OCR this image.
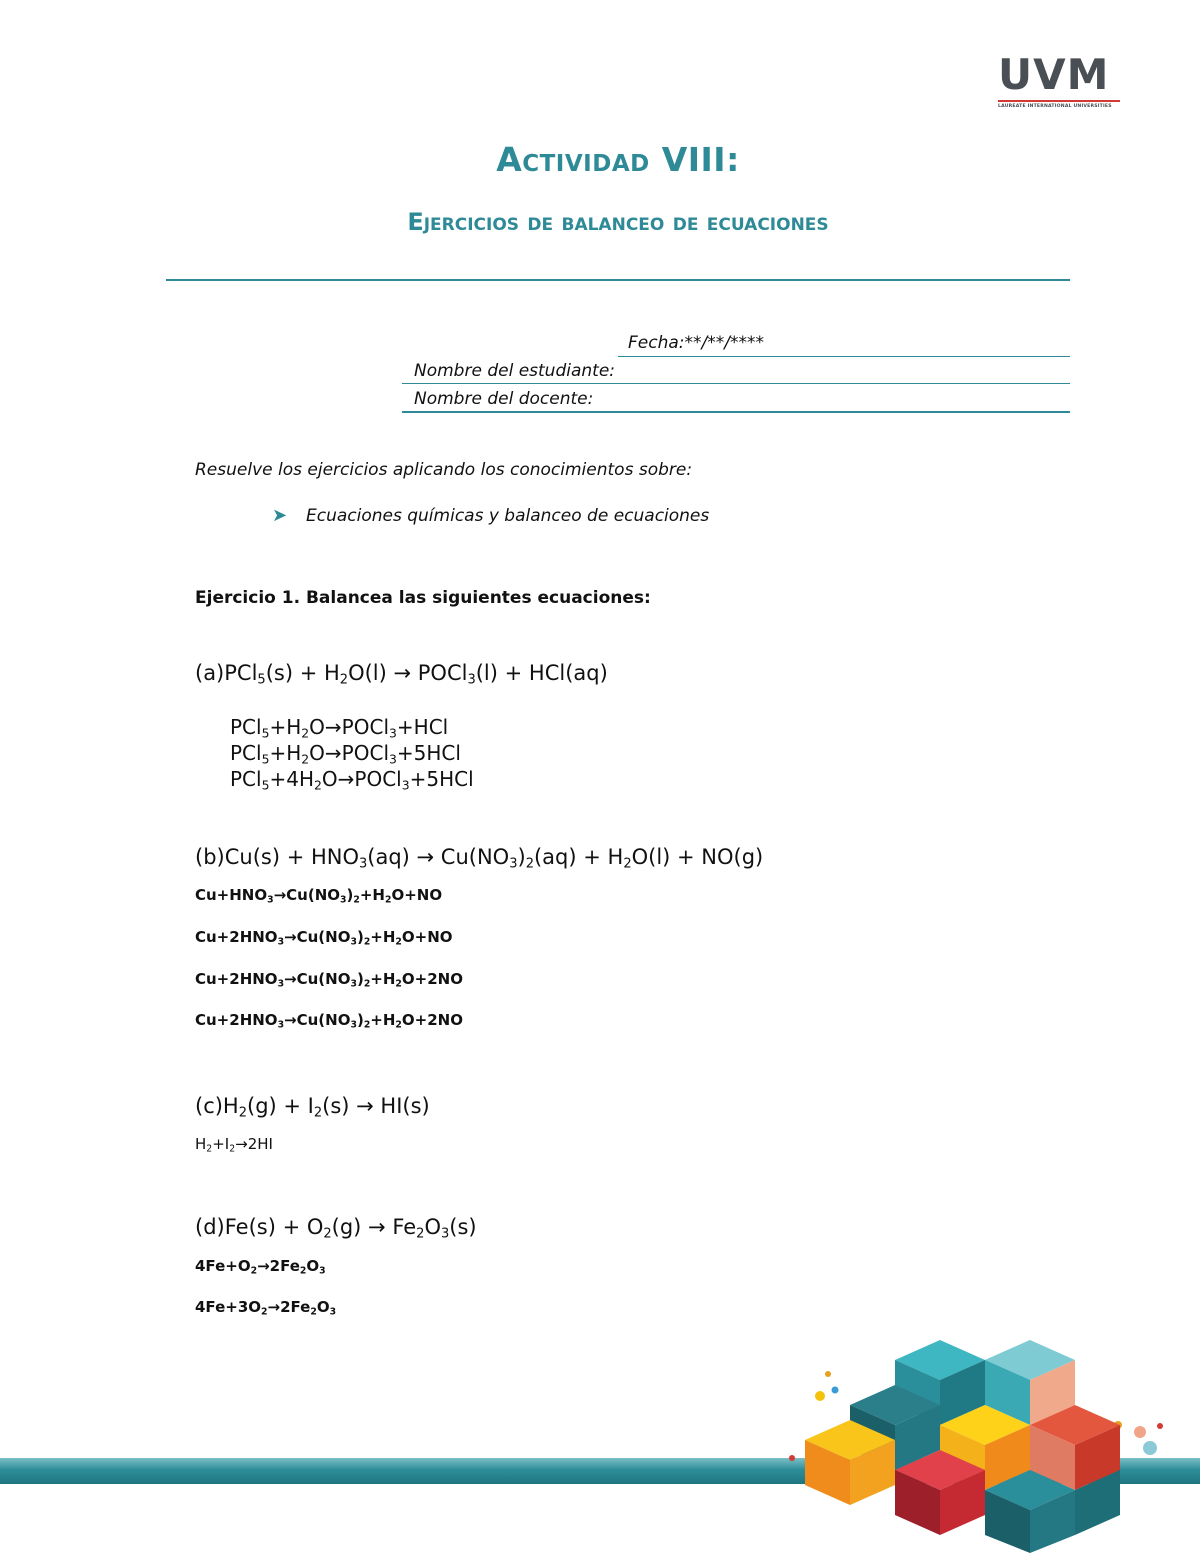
UVM
LAUREATE INTERNATIONAL UNIVERSITIES
Actividad VIII:
Ejercicios de balanceo de ecuaciones
Fecha:**/**/****
Nombre del estudiante:
Nombre del docente:
Resuelve los ejercicios aplicando los conocimientos sobre:
➤ Ecuaciones químicas y balanceo de ecuaciones
Ejercicio 1. Balancea las siguientes ecuaciones:
$(a)PCl_5(s) + H_2O(l)$ → POCl$_3$(l) + HCl(aq)
$PCl_5+H_2O\to POCl_3+HCl$
$PCl_5+H_2O\to POCl_3+5HCl$
$PCl_5+4H_2O\to POCl_3+5HCl$
$(b)Cu(s) + HNO_3(aq) \to Cu(NO_3)_2(aq) + H_2O(l) + NO(g)$
$Cu+HNO_3\to Cu(NO_3)_2+H_2O+NO$
$Cu+2HNO_3\to Cu(NO_3)_2+H_2O+NO$
$Cu+2HNO_3\to Cu(NO_3)_2+H_2O+2NO$
$Cu+2HNO_3\to Cu(NO_3)_2+H_2O+2NO$
$(c)H_2(g) + I_2(s) \to HI(s)$
$H_2+I_2\to 2HI$
$(d)Fe(s) + O_2(g) \to Fe_2O_3(s)$
$4Fe+O_2\to 2Fe_2O_3$
$4Fe+3O_2\to 2Fe_2O_3$
